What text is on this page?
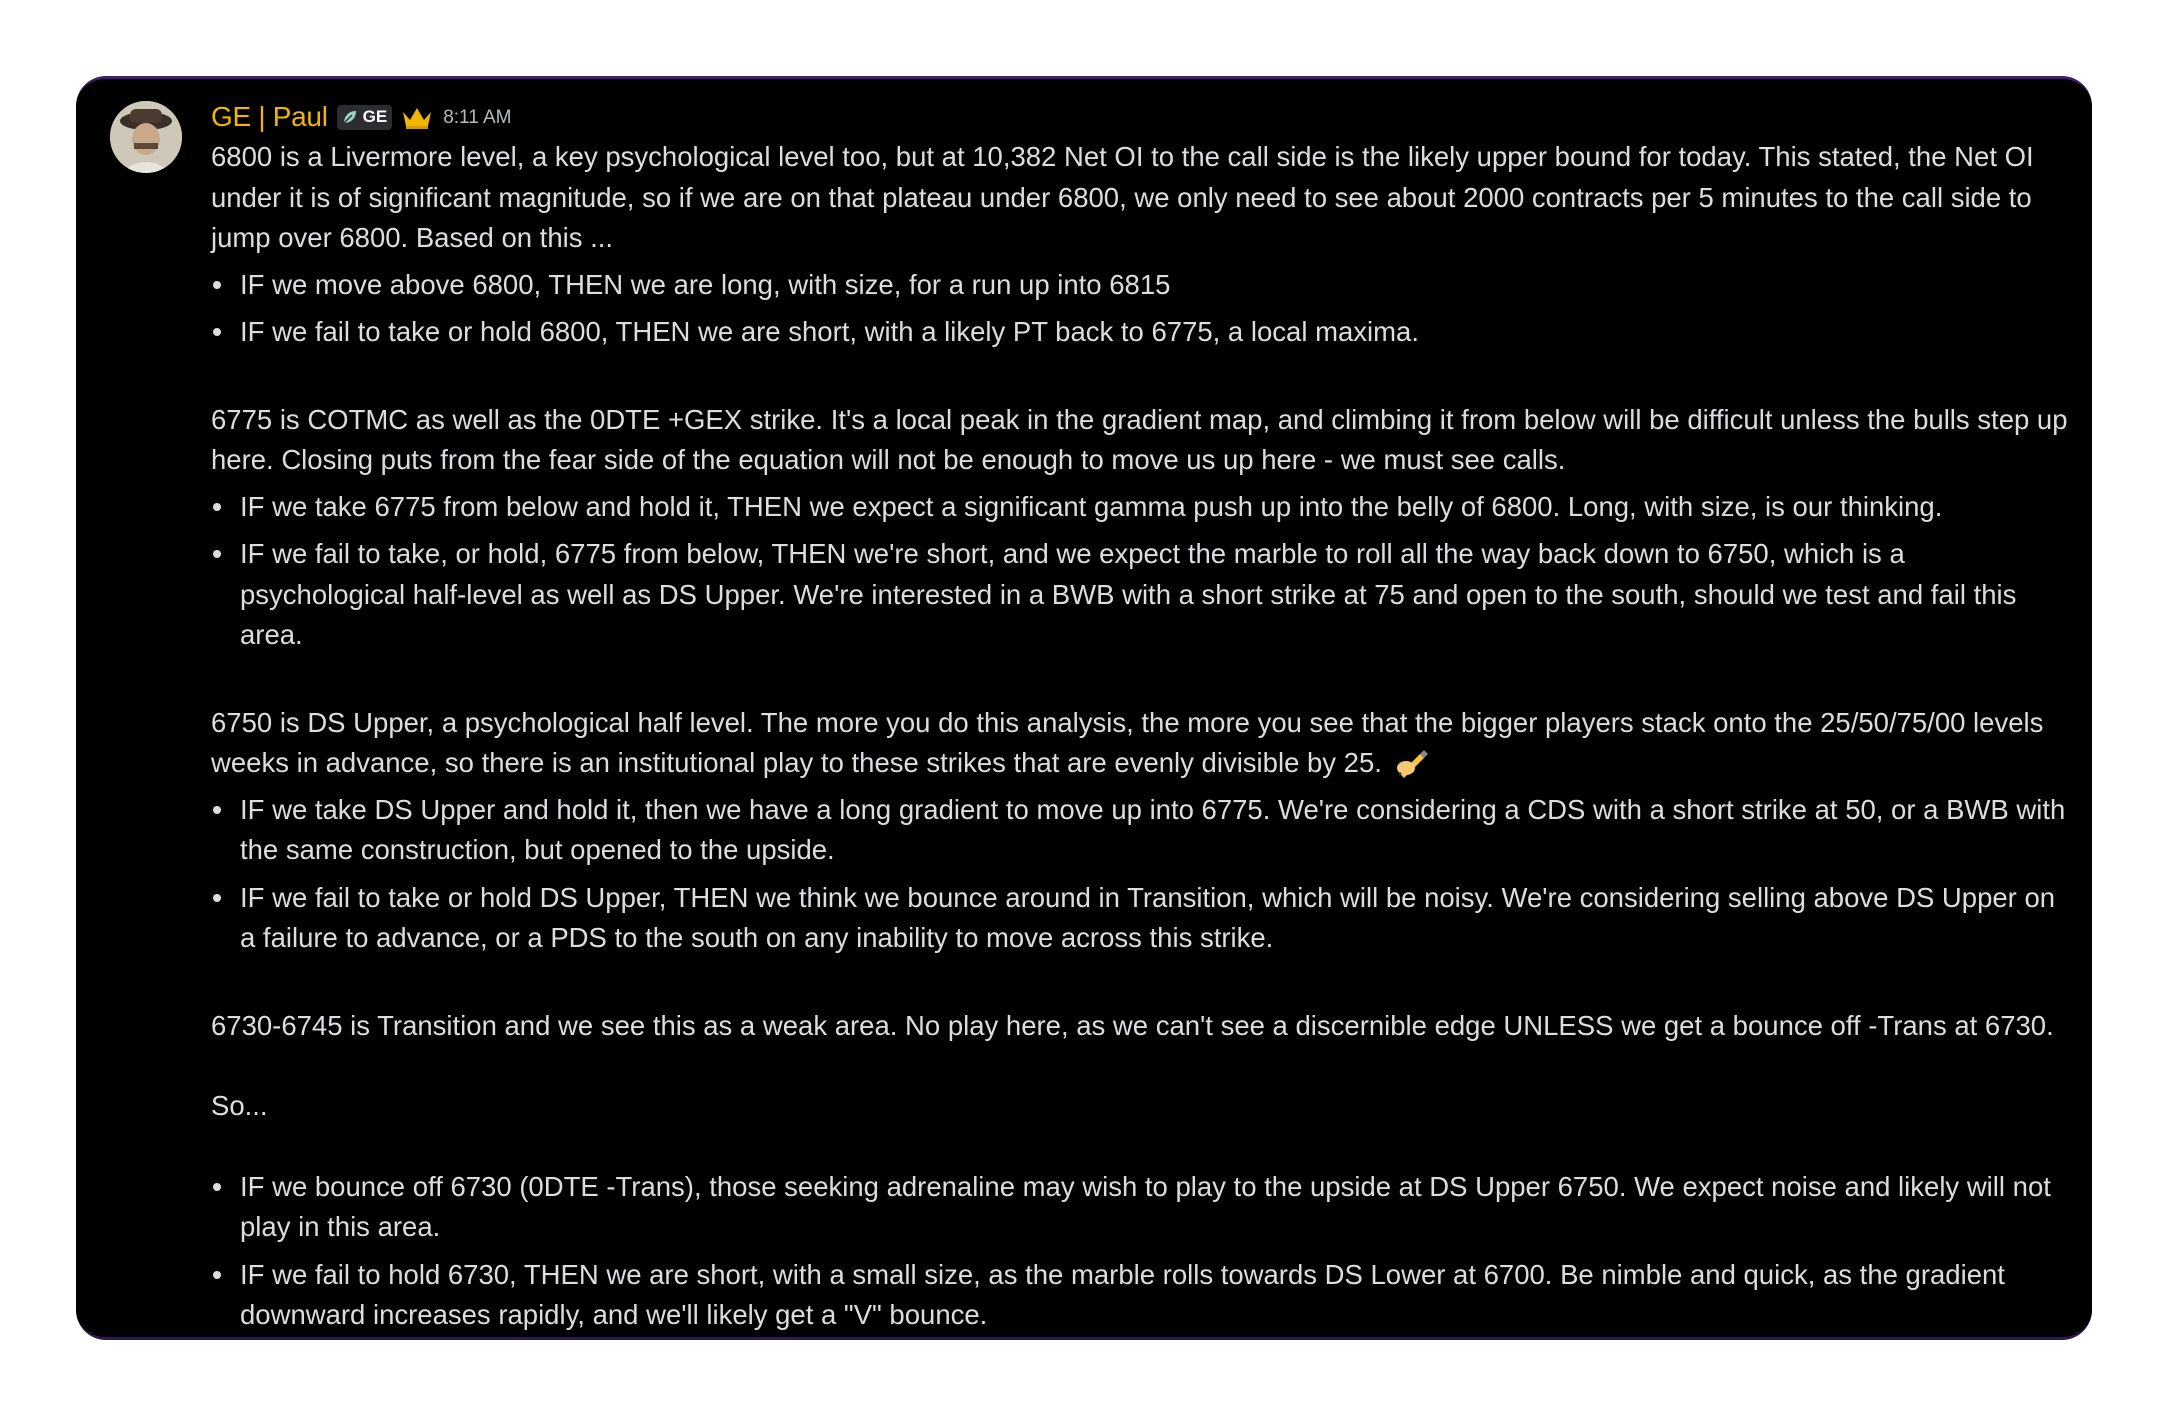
GE | Paul GE	8:11 AM

6800 is a Livermore level, a key psychological level too, but at 10,382 Net OI to the call side is the likely upper bound for today. This stated, the Net OI under it is of significant magnitude, so if we are on that plateau under 6800, we only need to see about 2000 contracts per 5 minutes to the call side to jump over 6800. Based on this ...

IF we move above 6800, THEN we are long, with size, for a run up into 6815
IF we fail to take or hold 6800, THEN we are short, with a likely PT back to 6775, a local maxima.

6775 is COTMC as well as the 0DTE +GEX strike. It's a local peak in the gradient map, and climbing it from below will be difficult unless the bulls step up here. Closing puts from the fear side of the equation will not be enough to move us up here - we must see calls.

IF we take 6775 from below and hold it, THEN we expect a significant gamma push up into the belly of 6800. Long, with size, is our thinking.
IF we fail to take, or hold, 6775 from below, THEN we're short, and we expect the marble to roll all the way back down to 6750, which is a psychological half-level as well as DS Upper. We're interested in a BWB with a short strike at 75 and open to the south, should we test and fail this area.

6750 is DS Upper, a psychological half level. The more you do this analysis, the more you see that the bigger players stack onto the 25/50/75/00 levels weeks in advance, so there is an institutional play to these strikes that are evenly divisible by 25.

IF we take DS Upper and hold it, then we have a long gradient to move up into 6775. We're considering a CDS with a short strike at 50, or a BWB with the same construction, but opened to the upside.
IF we fail to take or hold DS Upper, THEN we think we bounce around in Transition, which will be noisy. We're considering selling above DS Upper on a failure to advance, or a PDS to the south on any inability to move across this strike.

6730-6745 is Transition and we see this as a weak area. No play here, as we can't see a discernible edge UNLESS we get a bounce off -Trans at 6730.

So...

IF we bounce off 6730 (0DTE -Trans), those seeking adrenaline may wish to play to the upside at DS Upper 6750. We expect noise and likely will not play in this area.
IF we fail to hold 6730, THEN we are short, with a small size, as the marble rolls towards DS Lower at 6700. Be nimble and quick, as the gradient downward increases rapidly, and we'll likely get a "V" bounce.
